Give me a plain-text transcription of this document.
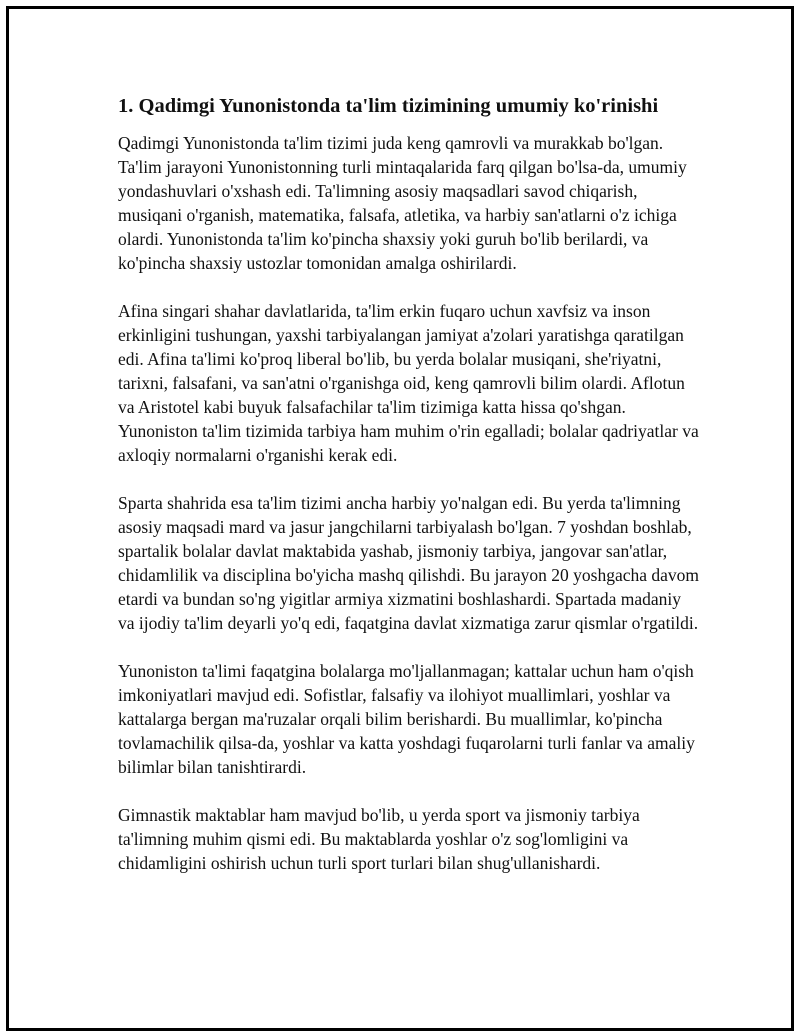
1. Qadimgi Yunonistonda ta'lim tizimining umumiy ko'rinishi

Qadimgi Yunonistonda ta'lim tizimi juda keng qamrovli va murakkab bo'lgan. Ta'lim jarayoni Yunonistonning turli mintaqalarida farq qilgan bo'lsa-da, umumiy yondashuvlari o'xshash edi. Ta'limning asosiy maqsadlari savod chiqarish, musiqani o'rganish, matematika, falsafa, atletika, va harbiy san'atlarni o'z ichiga olardi. Yunonistonda ta'lim ko'pincha shaxsiy yoki guruh bo'lib berilardi, va ko'pincha shaxsiy ustozlar tomonidan amalga oshirilardi.

Afina singari shahar davlatlarida, ta'lim erkin fuqaro uchun xavfsiz va inson erkinligini tushungan, yaxshi tarbiyalangan jamiyat a'zolari yaratishga qaratilgan edi. Afina ta'limi ko'proq liberal bo'lib, bu yerda bolalar musiqani, she'riyatni, tarixni, falsafani, va san'atni o'rganishga oid, keng qamrovli bilim olardi. Aflotun va Aristotel kabi buyuk falsafachilar ta'lim tizimiga katta hissa qo'shgan. Yunoniston ta'lim tizimida tarbiya ham muhim o'rin egalladi; bolalar qadriyatlar va axloqiy normalarni o'rganishi kerak edi.

Sparta shahrida esa ta'lim tizimi ancha harbiy yo'nalgan edi. Bu yerda ta'limning asosiy maqsadi mard va jasur jangchilarni tarbiyalash bo'lgan. 7 yoshdan boshlab, spartalik bolalar davlat maktabida yashab, jismoniy tarbiya, jangovar san'atlar, chidamlilik va disciplina bo'yicha mashq qilishdi. Bu jarayon 20 yoshgacha davom etardi va bundan so'ng yigitlar armiya xizmatini boshlashardi. Spartada madaniy va ijodiy ta'lim deyarli yo'q edi, faqatgina davlat xizmatiga zarur qismlar o'rgatildi.

Yunoniston ta'limi faqatgina bolalarga mo'ljallanmagan; kattalar uchun ham o'qish imkoniyatlari mavjud edi. Sofistlar, falsafiy va ilohiyot muallimlari, yoshlar va kattalarga bergan ma'ruzalar orqali bilim berishardi. Bu muallimlar, ko'pincha tovlamachilik qilsa-da, yoshlar va katta yoshdagi fuqarolarni turli fanlar va amaliy bilimlar bilan tanishtirardi.

Gimnastik maktablar ham mavjud bo'lib, u yerda sport va jismoniy tarbiya ta'limning muhim qismi edi. Bu maktablarda yoshlar o'z sog'lomligini va chidamligini oshirish uchun turli sport turlari bilan shug'ullanishardi.
